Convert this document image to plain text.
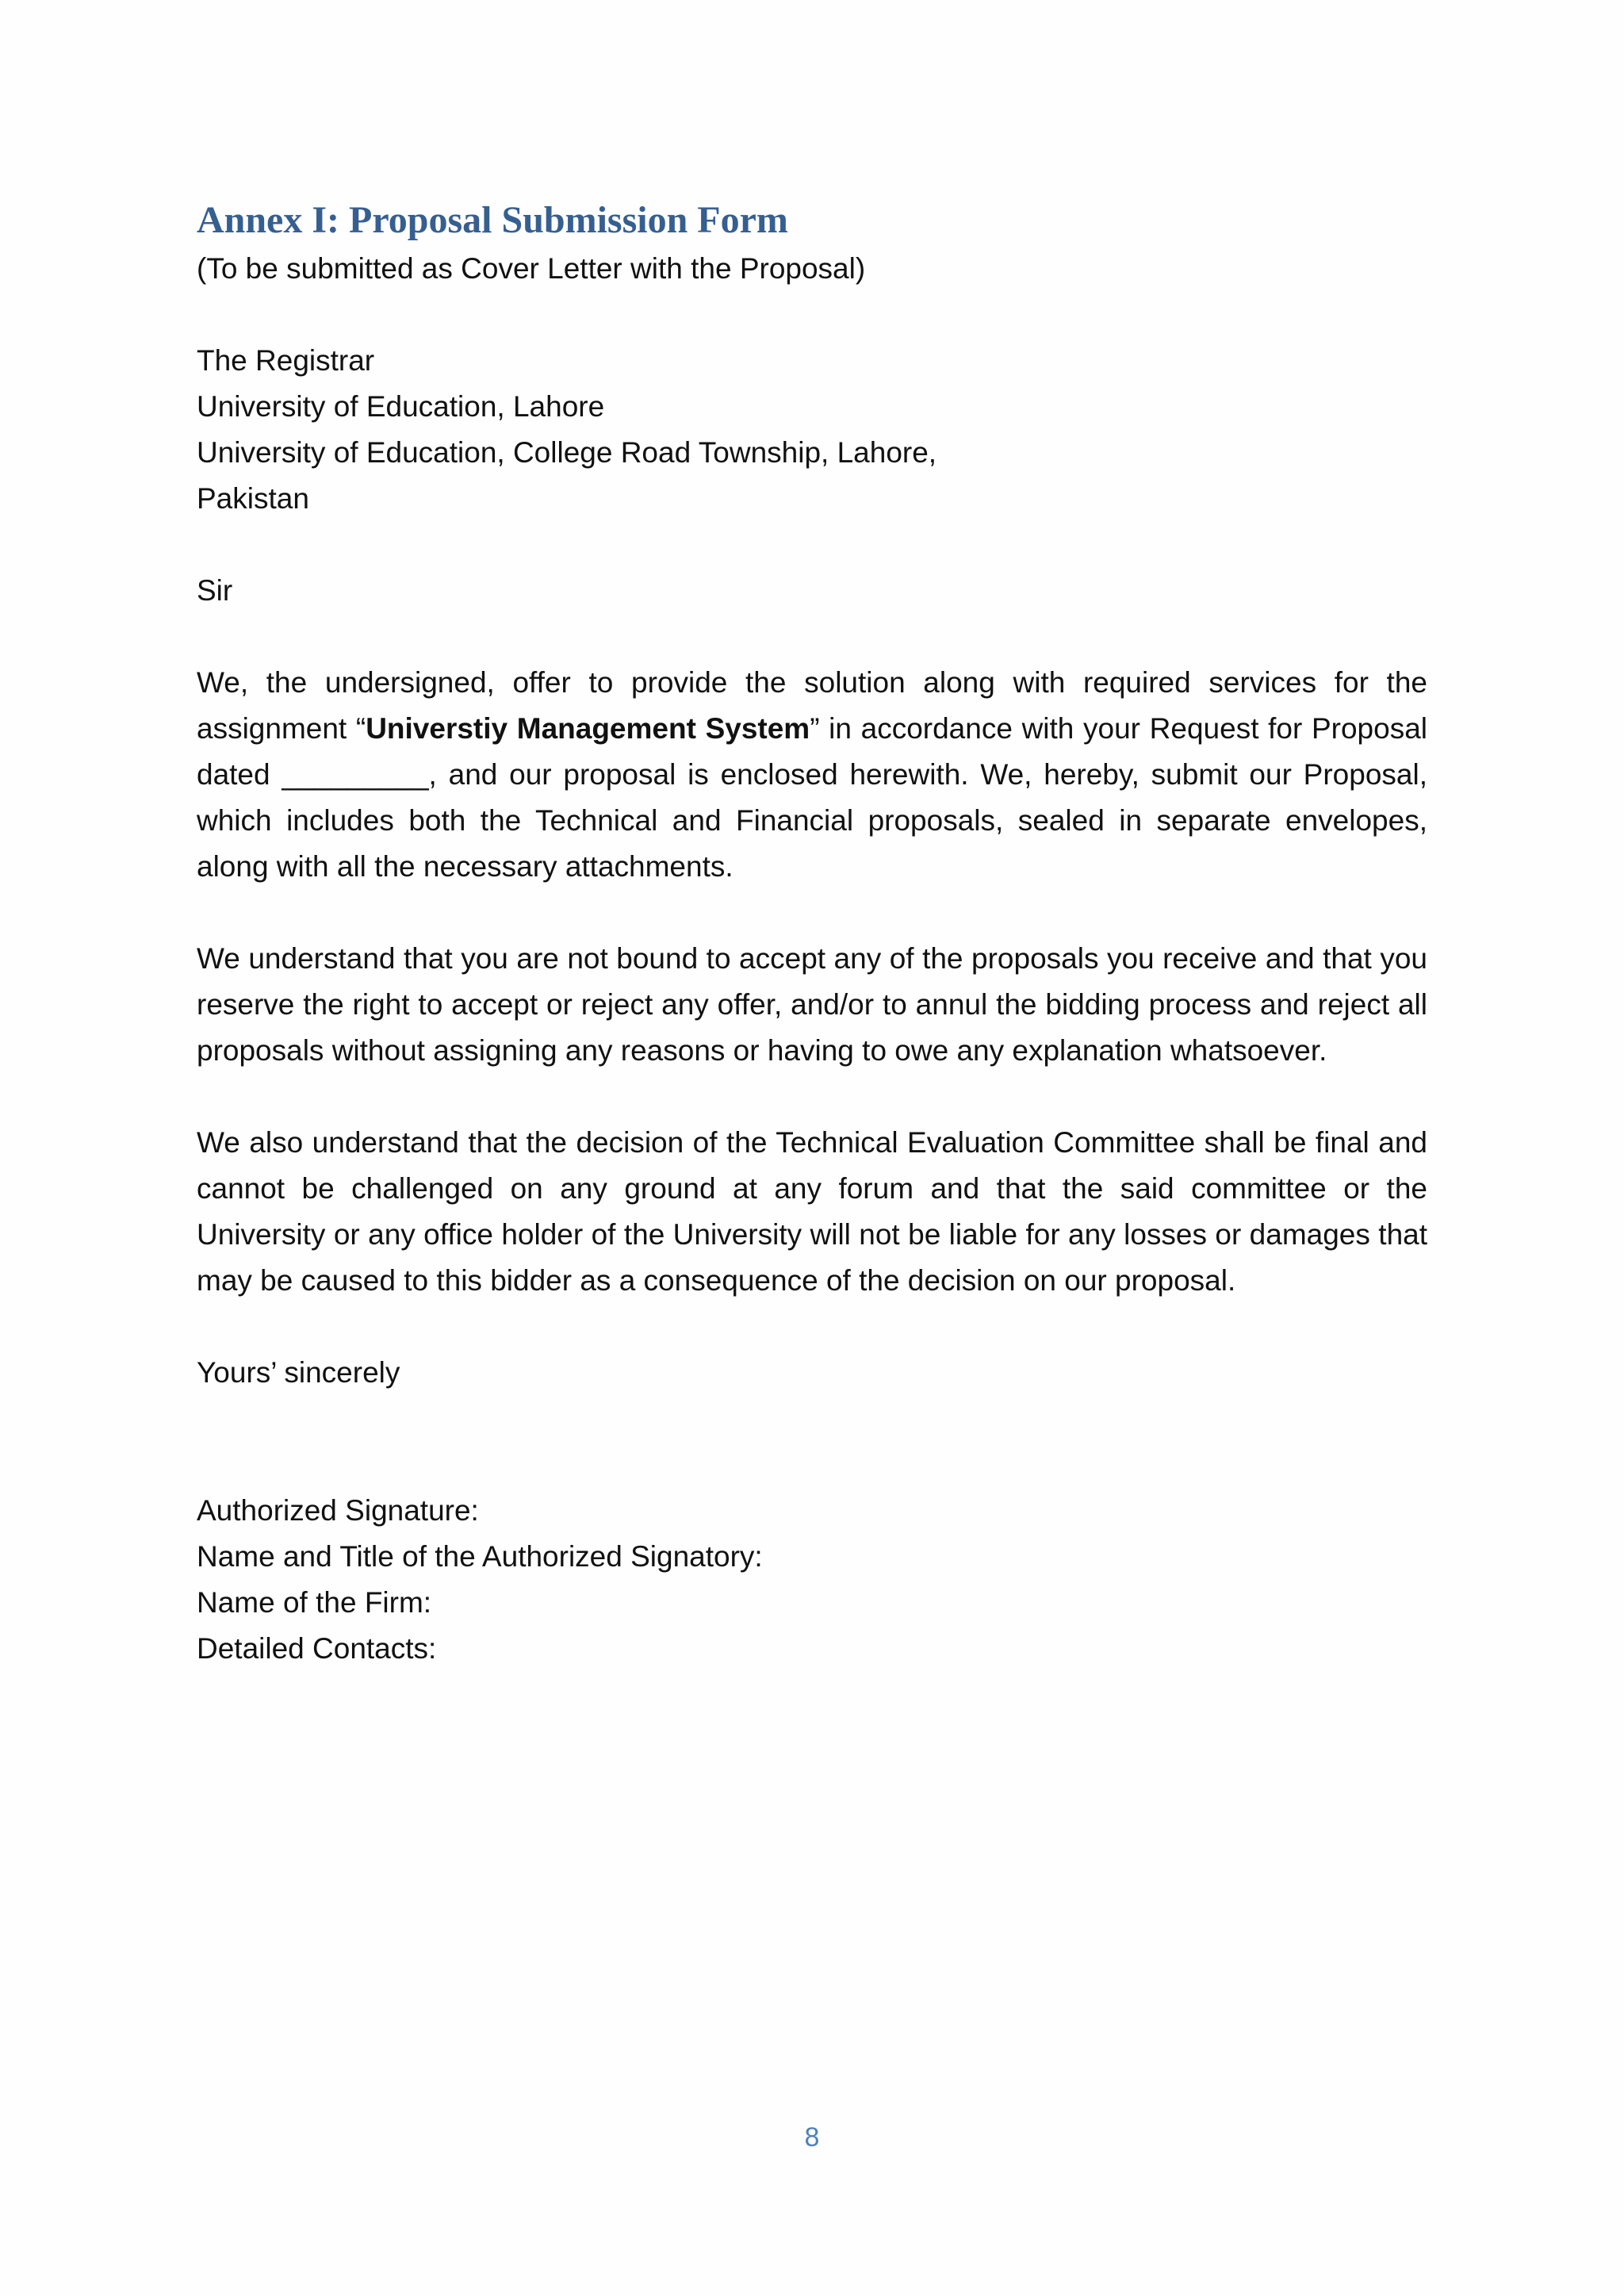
Annex I: Proposal Submission Form

(To be submitted as Cover Letter with the Proposal)

The Registrar
University of Education, Lahore
University of Education, College Road Township, Lahore,
Pakistan

Sir

We, the undersigned, offer to provide the solution along with required services for the assignment “Universtiy Management System” in accordance with your Request for Proposal dated _________, and our proposal is enclosed herewith. We, hereby, submit our Proposal, which includes both the Technical and Financial proposals, sealed in separate envelopes, along with all the necessary attachments.

We understand that you are not bound to accept any of the proposals you receive and that you reserve the right to accept or reject any offer, and/or to annul the bidding process and reject all proposals without assigning any reasons or having to owe any explanation whatsoever.

We also understand that the decision of the Technical Evaluation Committee shall be final and cannot be challenged on any ground at any forum and that the said committee or the University or any office holder of the University will not be liable for any losses or damages that may be caused to this bidder as a consequence of the decision on our proposal.

Yours’ sincerely

Authorized Signature:
Name and Title of the Authorized Signatory:
Name of the Firm:
Detailed Contacts:
8
